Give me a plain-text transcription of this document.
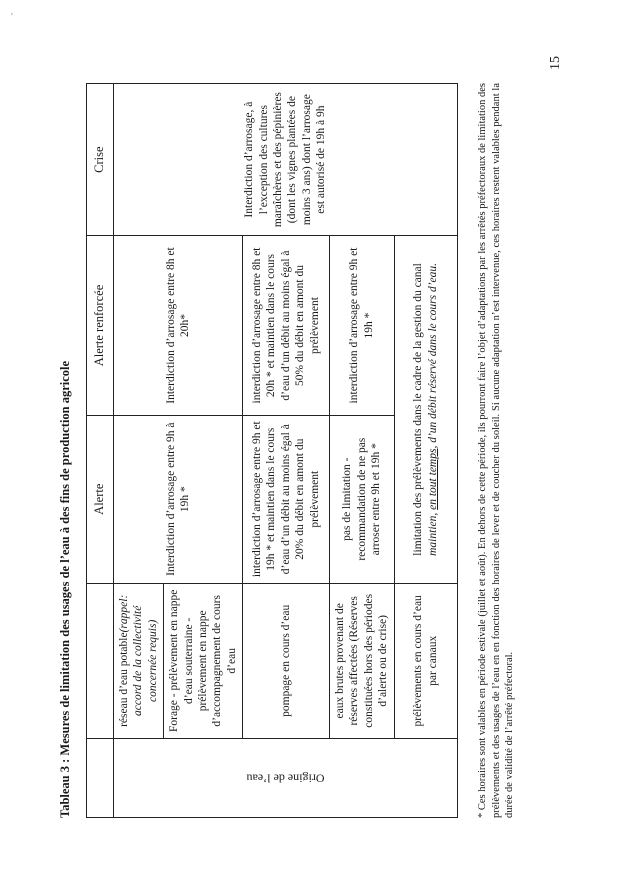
'
15
Tableau 3 : Mesures de limitation des usages de l’eau à des fins de production agricole
		Alerte	Alerte renforcée	Crise
Origine de l’eau	réseau d’eau potable(rappel: accord de la collectivité concernée requis)	Interdiction d’arrosage entre 9h à 19h *	Interdiction d’arrosage entre 8h et 20h*	Interdiction d’arrosage, à l’exception des cultures maraîchères et des pépinières (dont les vignes plantées de moins 3 ans) dont l’arrosage est autorisé de 19h à 9h
	Forage - prélèvement en nappe d’eau souterraine - prélèvement en nappe d’accompagnement de cours d’eau			
	pompage en cours d’eau	interdiction d’arrosage entre 9h et 19h * et maintien dans le cours d’eau d’un débit au moins égal à 20% du débit en amont du prélèvement	interdiction d’arrosage entre 8h et 20h * et maintien dans le cours d’eau d’un débit au moins égal à 50% du débit en amont du prélèvement	
	eaux brutes provenant de réserves affectées (Réserves constituées hors des périodes d’alerte ou de crise)	pas de limitation - recommandation de ne pas arroser entre 9h et 19h *	interdiction d’arrosage entre 9h et 19h *	
	prélèvements en cours d’eau par canaux	limitation des prélèvements dans le cadre de la gestion du canal maintien, en tout temps, d’un débit réservé dans le cours d’eau.			* Ces horaires sont valables en période estivale (juillet et août). En dehors de cette période, ils pourront faire l’objet d’adaptations par les arrêtés préfectoraux de limitation des prélèvements et des usages de l’eau en en fonction des horaires de lever et de coucher du soleil. Si aucune adaptation n’est intervenue, ces horaires restent valables pendant la durée de validité de l’arrêté préfectoral.
